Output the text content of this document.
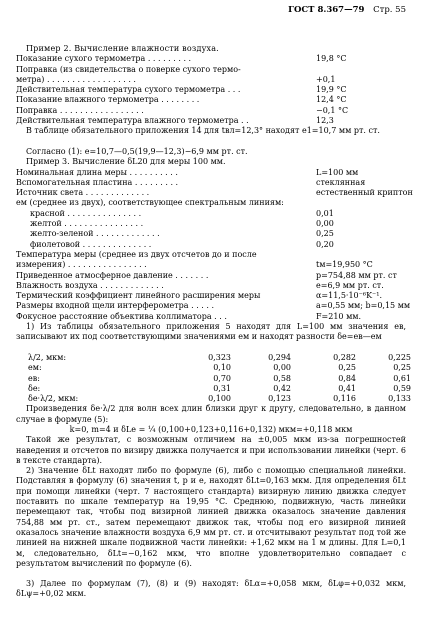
ГОСТ 8.367—79 Стр. 55
Пример 2. Вычисление влажности воздуха.
Показание сухого термометра . . . . . . . . .	19,8 °C
Поправка (из свидетельства о поверке сухого термо-
метра) . . . . . . . . . . . . . . . . . .	+0,1
Действительная температура сухого термометра . . .	19,9 °C
Показание влажного термометра . . . . . . . .	12,4 °C
Поправка . . . . . . . . . . . . . . . . .	−0,1 °C
Действительная температура влажного термометра . .	12,3
В таблице обязательного приложения 14 для tвл=12,3° находят e1=10,7 мм рт. ст.
Согласно (1): e=10,7—0,5(19,9—12,3)−6,9 мм рт. ст.
Пример 3. Вычисление δL20 для меры 100 мм.
Номинальная длина меры . . . . . . . . . .	L=100 мм
Вспомогательная пластина . . . . . . . . .	стеклянная
Источник света . . . . . . . . . . . . .	естественный криптон
eм (среднее из двух), соответствующее спектральным линиям:
красной . . . . . . . . . . . . . . .	0,01
желтой . . . . . . . . . . . . . . . .	0,00
желто-зеленой . . . . . . . . . . . . .	0,25
фиолетовой . . . . . . . . . . . . . .	0,20
Температура меры (среднее из двух отсчетов до и после
измерения) . . . . . . . . . . . . . . . .	tм=19,950 °C
Приведенное атмосферное давление . . . . . . .	p=754,88 мм рт. ст
Влажность воздуха . . . . . . . . . . . . .	e=6,9 мм рт. ст.
Термический коэффициент линейного расширения меры	α=11,5·10⁻⁶K⁻¹.
Размеры входной щели интерферометра . . . . .	a=0,55 мм; b=0,15 мм
Фокусное расстояние объектива коллиматора . . .	F=210 мм.
1) Из таблицы обязательного приложения 5 находят для L=100 мм значения eв, записывают их под соответствующими значениями eм и находят разности δe=eв—eм
λ/2, мкм:	0,323	0,294	0,282	0,225
eм:	0,10	0,00	0,25	0,25
eв:	0,70	0,58	0,84	0,61
δe:	0,31	0,42	0,41	0,59
δe·λ/2, мкм:	0,100	0,123	0,116	0,133
Произведения δe·λ/2 для волн всех длин близки друг к другу, следовательно, в данном случае в формуле (5):
k=0, m=4 и δLe = ¼ (0,100+0,123+0,116+0,132) мкм=+0,118 мкм
Такой же результат, с возможным отличием на ±0,005 мкм из-за погрешностей наведения и отсчетов по визиру движка получается и при использовании линейки (черт. 6 в тексте стандарта).
2) Значение δLt находят либо по формуле (6), либо с помощью специальной линейки. Подставляя в формулу (6) значения t, p и e, находят δLt=0,163 мкм. Для определения δLt при помощи линейки (черт. 7 настоящего стандарта) визирную линию движка следует поставить по шкале температур на 19,95 °C. Среднюю, подвижную, часть линейки перемещают так, чтобы под визирной линией движка оказалось значение давления 754,88 мм рт. ст., затем перемещают движок так, чтобы под его визирной линией оказалось значение влажности воздуха 6,9 мм рт. ст. и отсчитывают результат под той же линией на нижней шкале подвижной части линейки: +1,62 мкм на 1 м длины. Для L=0,1 м, следовательно, δLt=−0,162 мкм, что вполне удовлетворительно совпадает с результатом вычислений по формуле (6).
3) Далее по формулам (7), (8) и (9) находят: δLα=+0,058 мкм, δLφ=+0,032 мкм, δLψ=+0,02 мкм.
